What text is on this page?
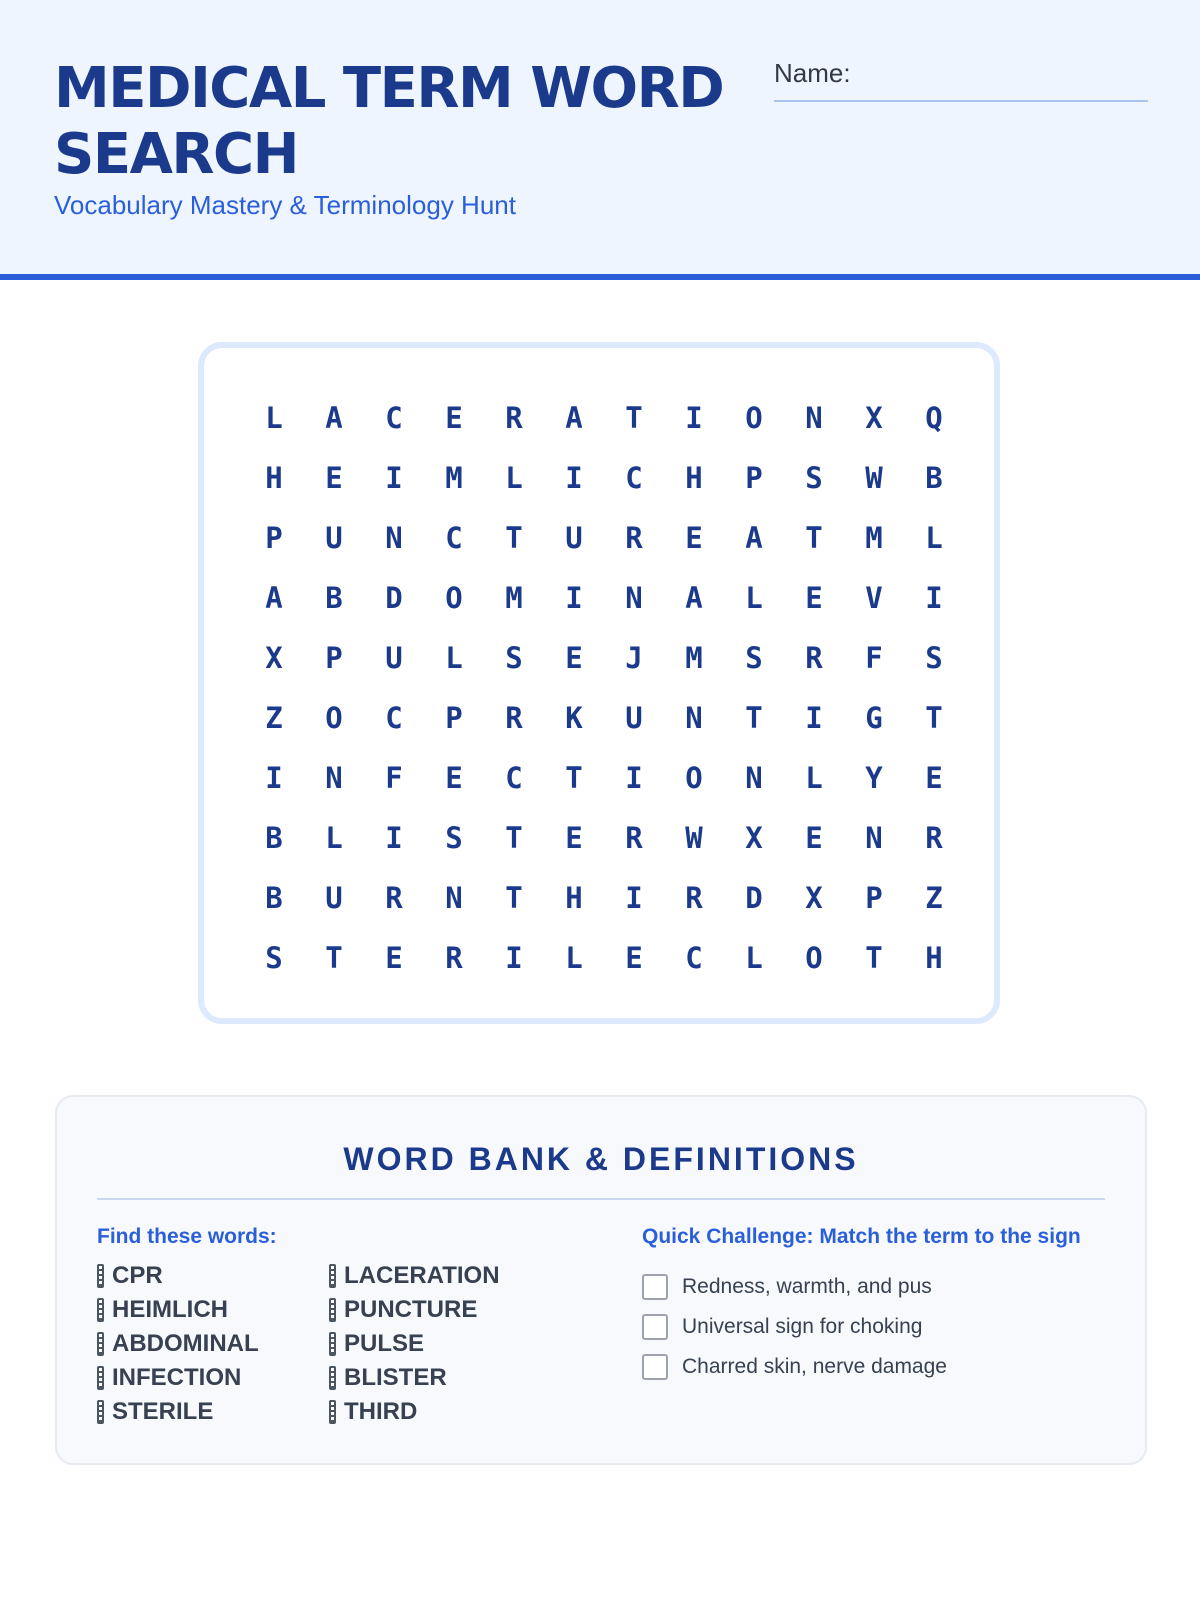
MEDICAL TERM WORD SEARCH
Vocabulary Mastery & Terminology Hunt
Name:
L	A	C	E	R	A	T	I	O	N	X	Q
H	E	I	M	L	I	C	H	P	S	W	B
P	U	N	C	T	U	R	E	A	T	M	L
A	B	D	O	M	I	N	A	L	E	V	I
X	P	U	L	S	E	J	M	S	R	F	S
Z	O	C	P	R	K	U	N	T	I	G	T
I	N	F	E	C	T	I	O	N	L	Y	E
B	L	I	S	T	E	R	W	X	E	N	R
B	U	R	N	T	H	I	R	D	X	P	Z
S	T	E	R	I	L	E	C	L	O	T	H
WORD BANK & DEFINITIONS
Find these words:
CPR	LACERATION
HEIMLICH	PUNCTURE
ABDOMINAL	PULSE
INFECTION	BLISTER
STERILE	THIRD
Quick Challenge: Match the term to the sign
Redness, warmth, and pus
Universal sign for choking
Charred skin, nerve damage
